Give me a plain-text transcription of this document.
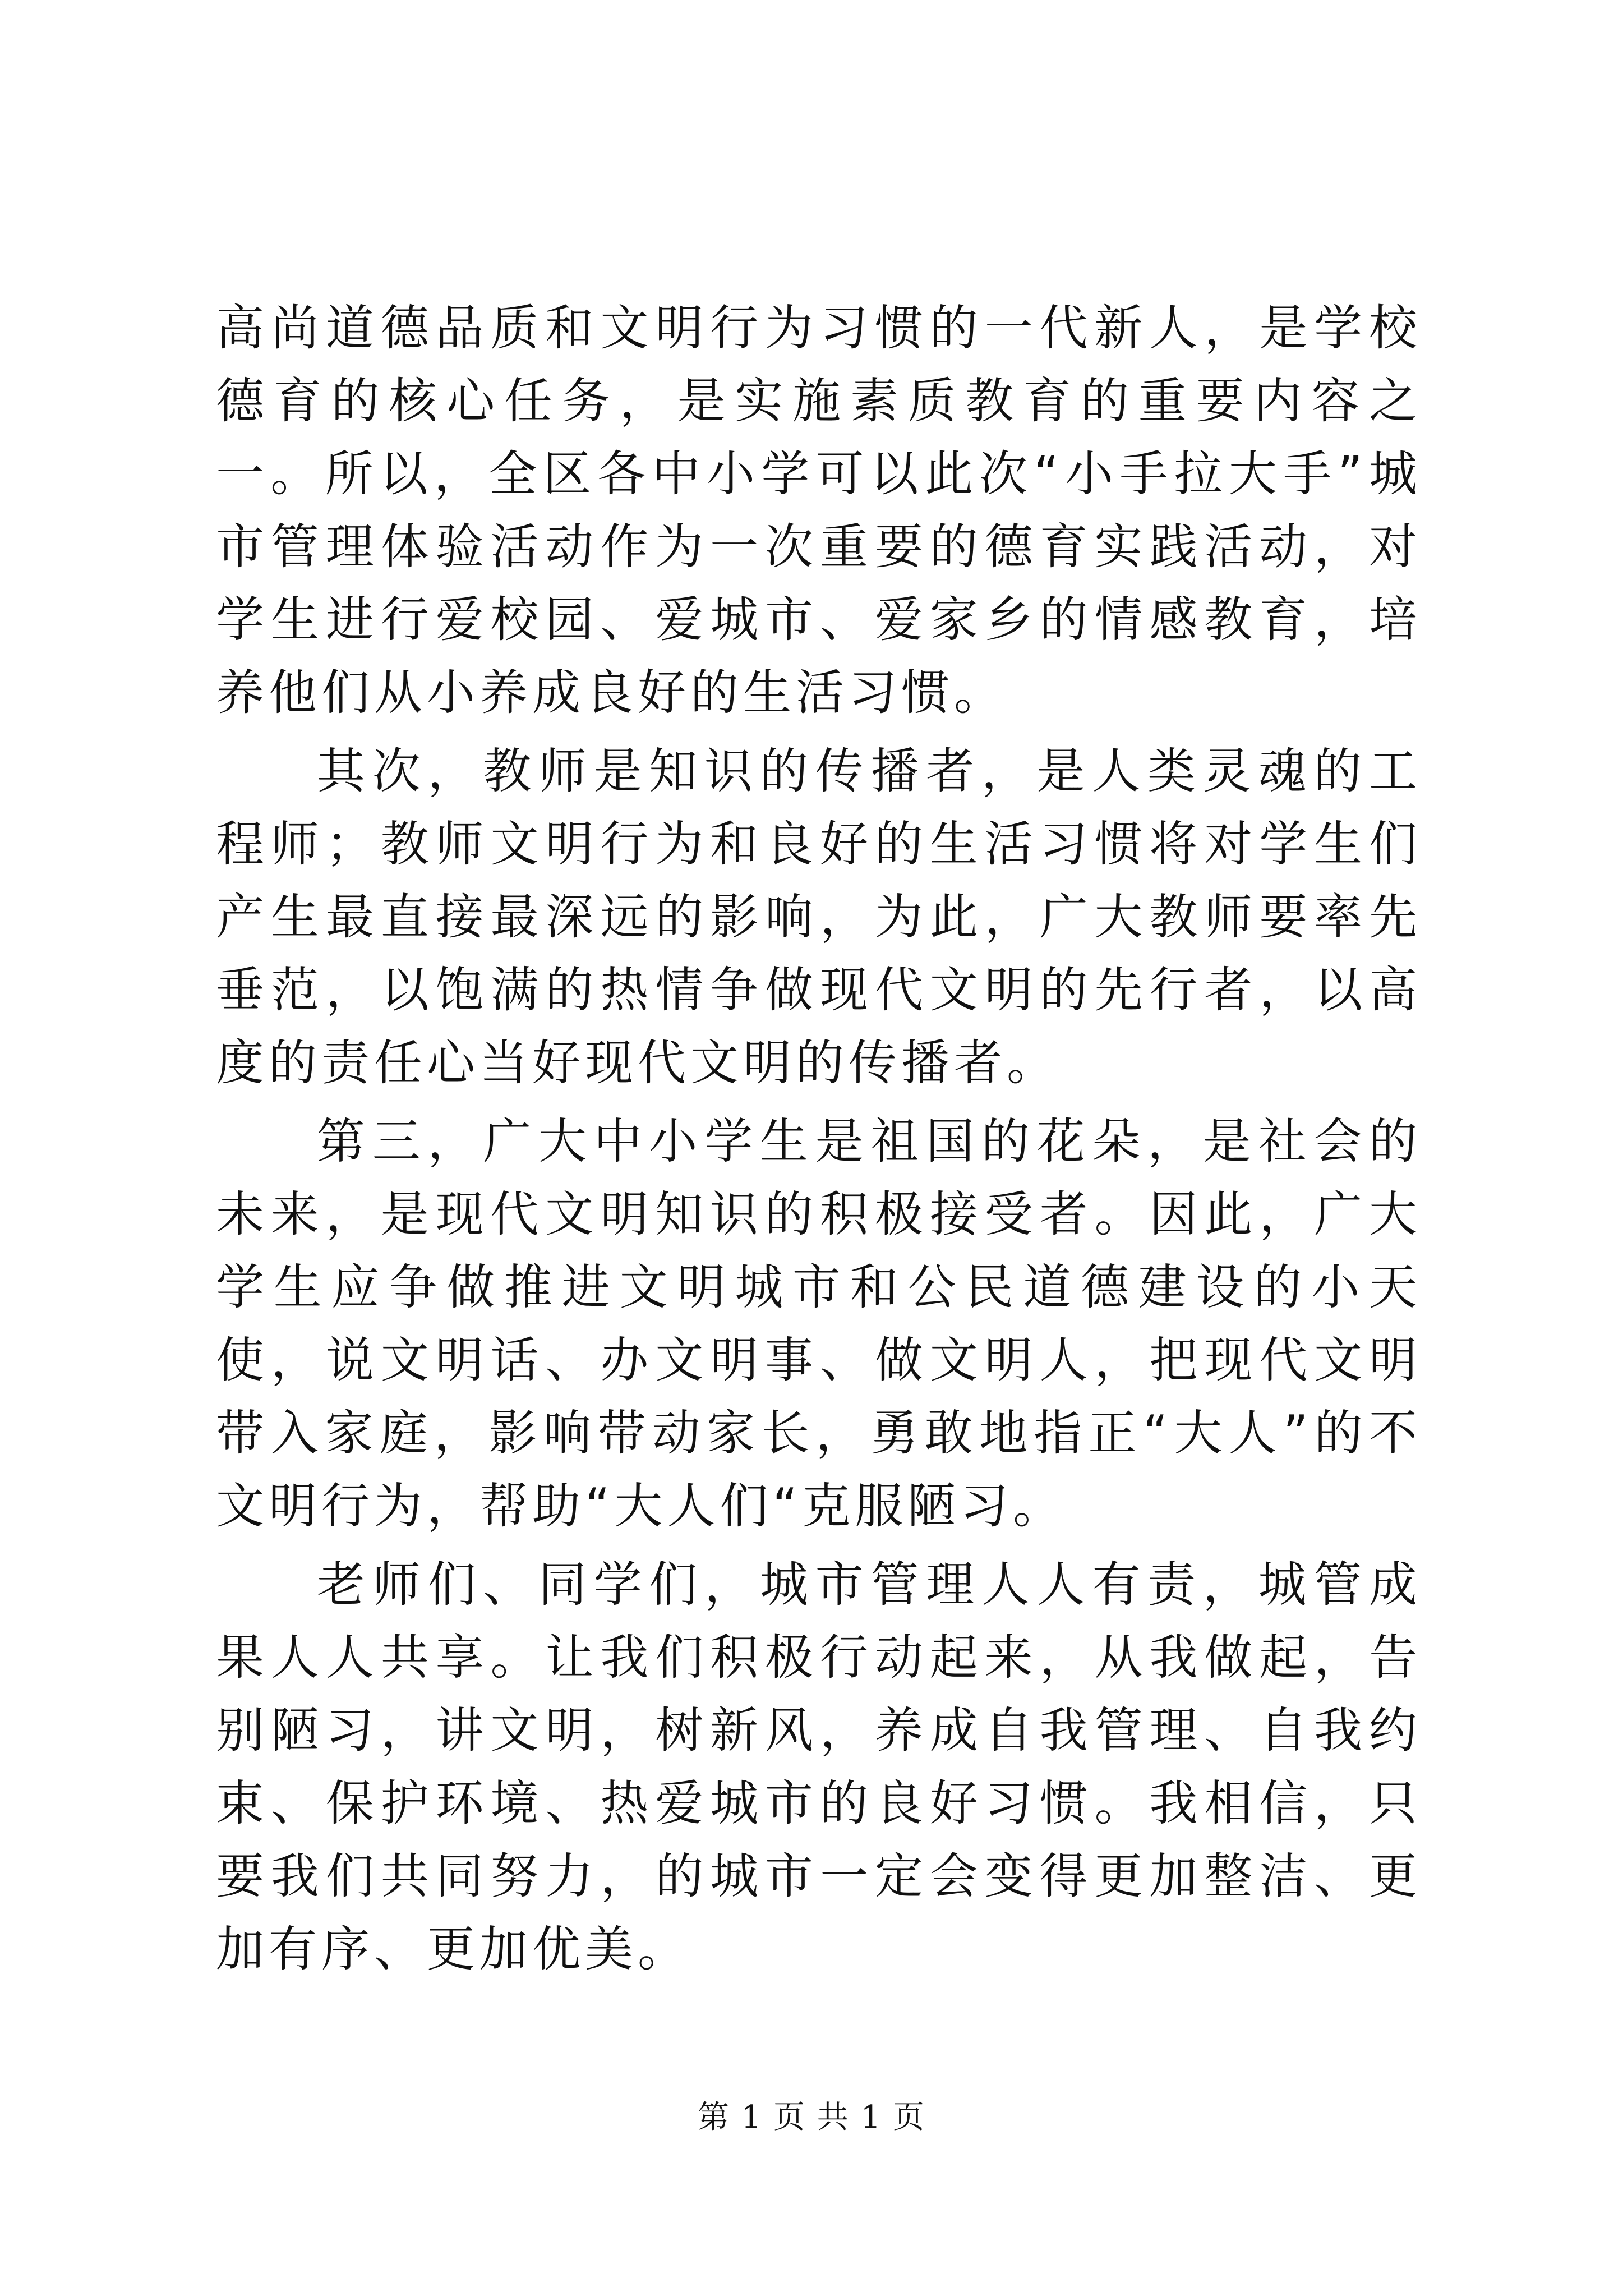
高尚道德品质和文明行为习惯的一代新人，是学校德育的核心任务，是实施素质教育的重要内容之一。所以，全区各中小学可以此次“小手拉大手”城市管理体验活动作为一次重要的德育实践活动，对学生进行爱校园、爱城市、爱家乡的情感教育，培养他们从小养成良好的生活习惯。

其次，教师是知识的传播者，是人类灵魂的工程师；教师文明行为和良好的生活习惯将对学生们产生最直接最深远的影响，为此，广大教师要率先垂范，以饱满的热情争做现代文明的先行者，以高度的责任心当好现代文明的传播者。

第三，广大中小学生是祖国的花朵，是社会的未来，是现代文明知识的积极接受者。因此，广大学生应争做推进文明城市和公民道德建设的小天使，说文明话、办文明事、做文明人，把现代文明带入家庭，影响带动家长，勇敢地指正“大人”的不文明行为，帮助“大人们“克服陋习。

老师们、同学们，城市管理人人有责，城管成果人人共享。让我们积极行动起来，从我做起，告别陋习，讲文明，树新风，养成自我管理、自我约束、保护环境、热爱城市的良好习惯。我相信，只要我们共同努力，的城市一定会变得更加整洁、更加有序、更加优美。

第 1 页 共 1 页
